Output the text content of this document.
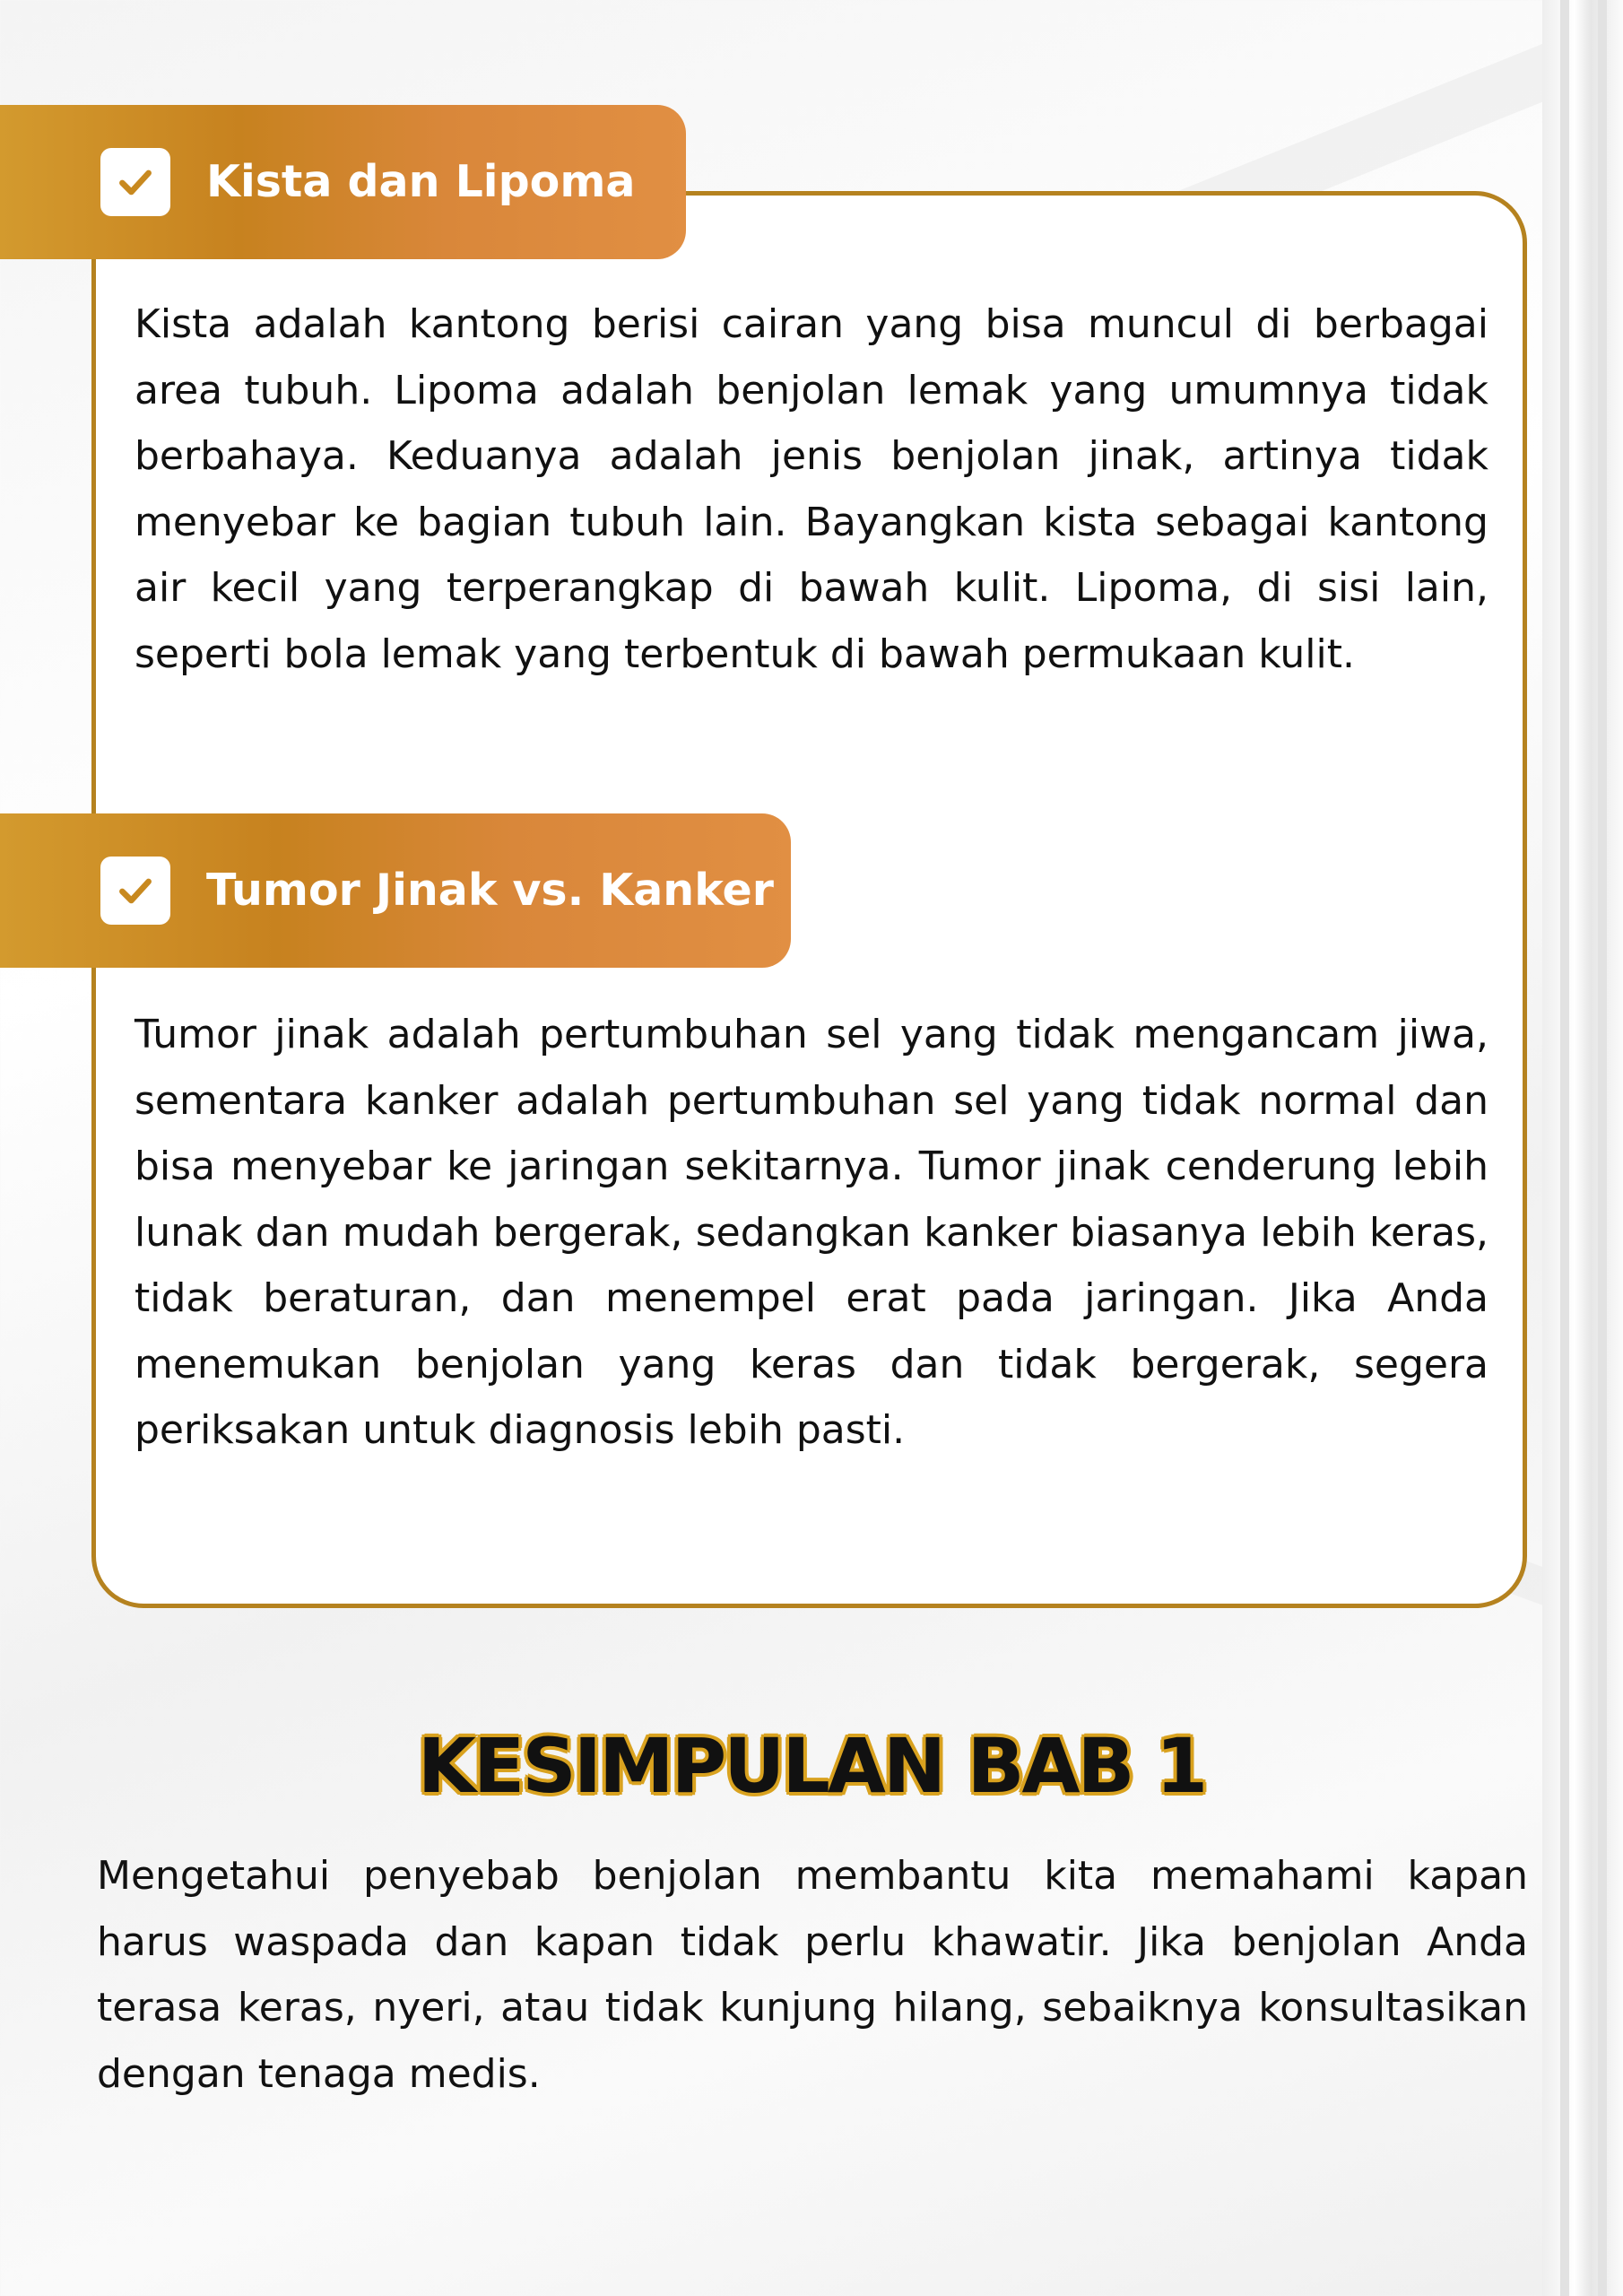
Kista dan Lipoma

Kista adalah kantong berisi cairan yang bisa muncul di berbagai area tubuh. Lipoma adalah benjolan lemak yang umumnya tidak berbahaya. Keduanya adalah jenis benjolan jinak, artinya tidak menyebar ke bagian tubuh lain. Bayangkan kista sebagai kantong air kecil yang terperangkap di bawah kulit. Lipoma, di sisi lain, seperti bola lemak yang terbentuk di bawah permukaan kulit.

Tumor Jinak vs. Kanker

Tumor jinak adalah pertumbuhan sel yang tidak mengancam jiwa, sementara kanker adalah pertumbuhan sel yang tidak normal dan bisa menyebar ke jaringan sekitarnya. Tumor jinak cenderung lebih lunak dan mudah bergerak, sedangkan kanker biasanya lebih keras, tidak beraturan, dan menempel erat pada jaringan. Jika Anda menemukan benjolan yang keras dan tidak bergerak, segera periksakan untuk diagnosis lebih pasti.

KESIMPULAN BAB 1

Mengetahui penyebab benjolan membantu kita memahami kapan harus waspada dan kapan tidak perlu khawatir. Jika benjolan Anda terasa keras, nyeri, atau tidak kunjung hilang, sebaiknya konsultasikan dengan tenaga medis.
